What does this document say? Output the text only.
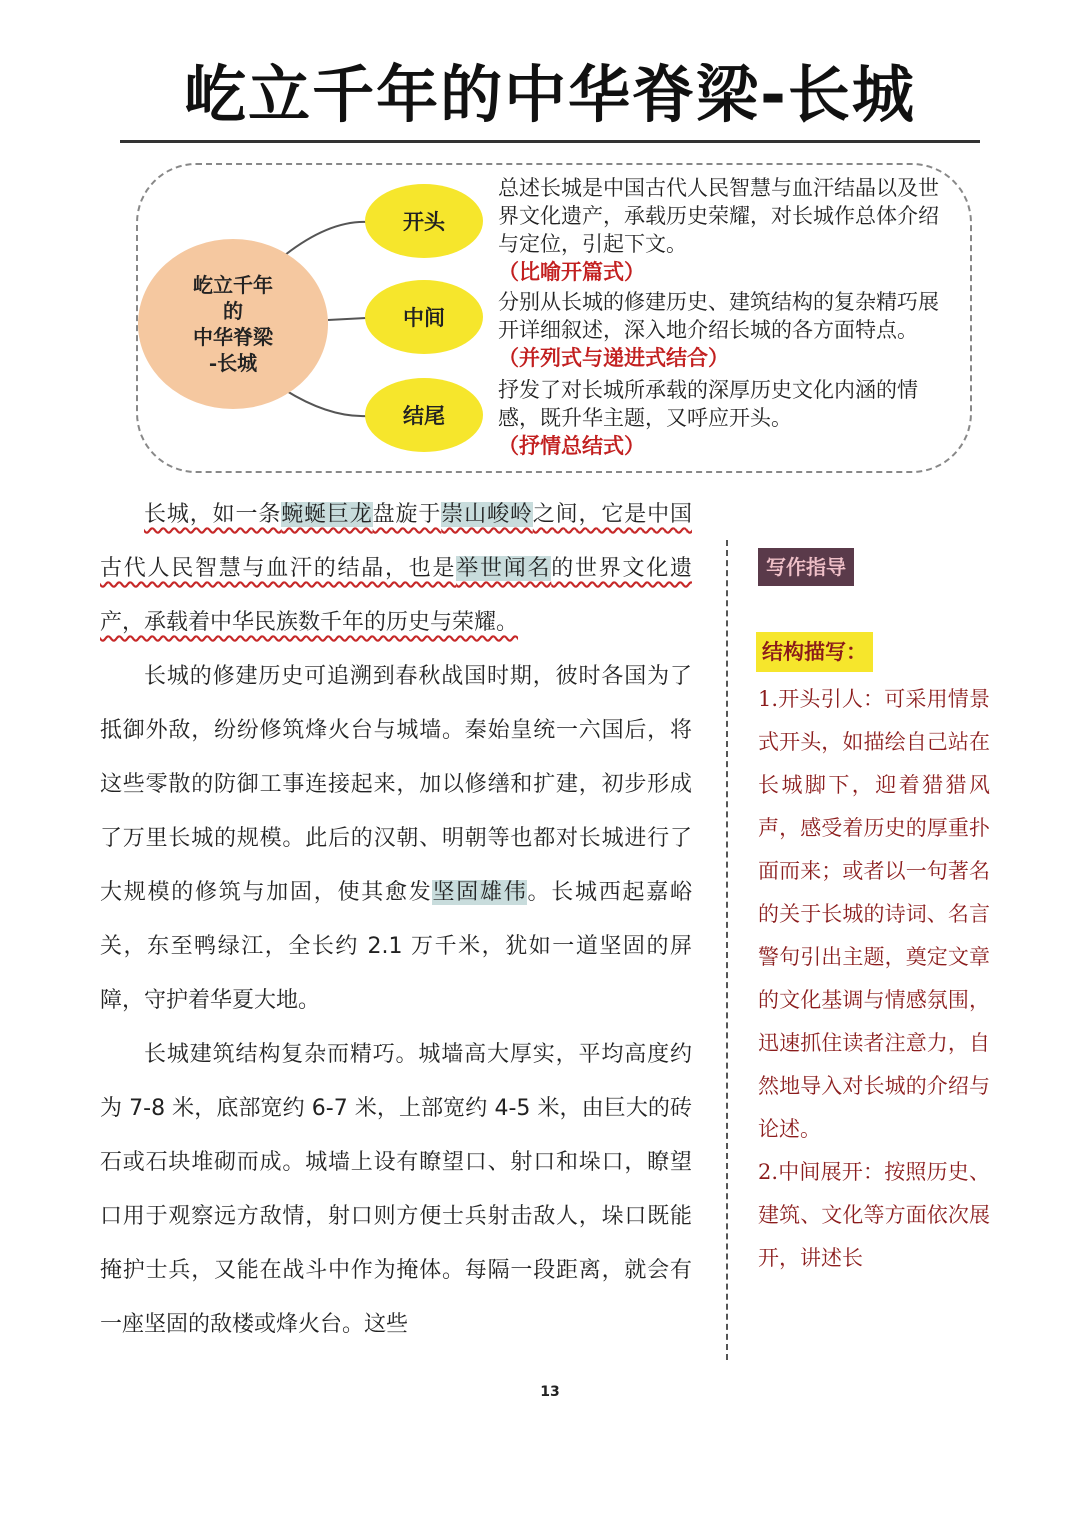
屹立千年的中华脊梁-长城
屹立千年
的
中华脊梁
-长城
开头
中间
结尾
总述长城是中国古代人民智慧与血汗结晶以及世界文化遗产，承载历史荣耀，对长城作总体介绍与定位，引起下文。
（比喻开篇式）
分别从长城的修建历史、建筑结构的复杂精巧展开详细叙述，深入地介绍长城的各方面特点。（并列式与递进式结合）
抒发了对长城所承载的深厚历史文化内涵的情感，既升华主题，又呼应开头。
（抒情总结式）

长城，如一条蜿蜒巨龙盘旋于崇山峻岭之间，它是中国古代人民智慧与血汗的结晶，也是举世闻名的世界文化遗产，承载着中华民族数千年的历史与荣耀。

长城的修建历史可追溯到春秋战国时期，彼时各国为了抵御外敌，纷纷修筑烽火台与城墙。秦始皇统一六国后，将这些零散的防御工事连接起来，加以修缮和扩建，初步形成了万里长城的规模。此后的汉朝、明朝等也都对长城进行了大规模的修筑与加固，使其愈发坚固雄伟。长城西起嘉峪关，东至鸭绿江，全长约 2.1 万千米，犹如一道坚固的屏障，守护着华夏大地。

长城建筑结构复杂而精巧。城墙高大厚实，平均高度约为 7-8 米，底部宽约 6-7 米，上部宽约 4-5 米，由巨大的砖石或石块堆砌而成。城墙上设有瞭望口、射口和垛口，瞭望口用于观察远方敌情，射口则方便士兵射击敌人，垛口既能掩护士兵，又能在战斗中作为掩体。每隔一段距离，就会有一座坚固的敌楼或烽火台。这些

写作指导
结构描写：

1.开头引人：可采用情景式开头，如描绘自己站在长城脚下，迎着猎猎风声，感受着历史的厚重扑面而来；或者以一句著名的关于长城的诗词、名言警句引出主题，奠定文章的文化基调与情感氛围，迅速抓住读者注意力，自然地导入对长城的介绍与论述。

2.中间展开：按照历史、建筑、文化等方面依次展开，讲述长

13
